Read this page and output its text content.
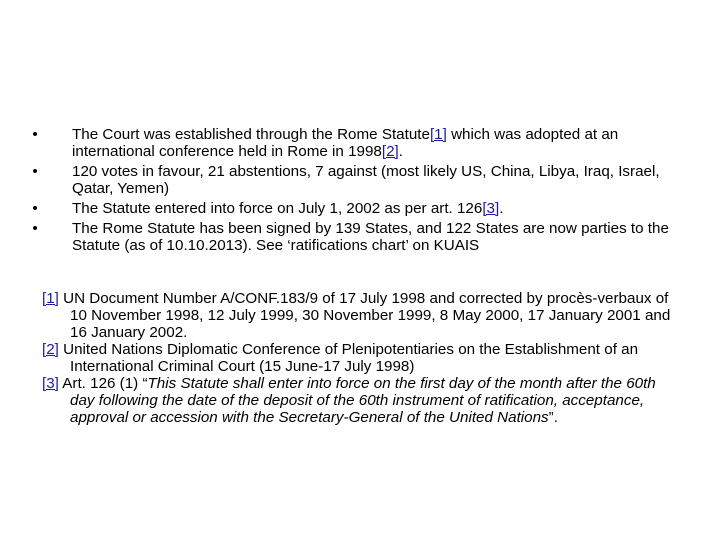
• The Court was established through the Rome Statute[1] which was adopted at an international conference held in Rome in 1998[2].
• 120 votes in favour, 21 abstentions, 7 against (most likely US, China, Libya, Iraq, Israel, Qatar, Yemen)
• The Statute entered into force on July 1, 2002 as per art. 126[3].
• The Rome Statute has been signed by 139 States, and 122 States are now parties to the Statute (as of 10.10.2013). See ‘ratifications chart’ on KUAIS

[1] UN Document Number A/CONF.183/9 of 17 July 1998 and corrected by procès-verbaux of 10 November 1998, 12 July 1999, 30 November 1999, 8 May 2000, 17 January 2001 and 16 January 2002.

[2] United Nations Diplomatic Conference of Plenipotentiaries on the Establishment of an International Criminal Court (15 June-17 July 1998)

[3] Art. 126 (1) “This Statute shall enter into force on the first day of the month after the 60th day following the date of the deposit of the 60th instrument of ratification, acceptance, approval or accession with the Secretary-General of the United Nations”.
